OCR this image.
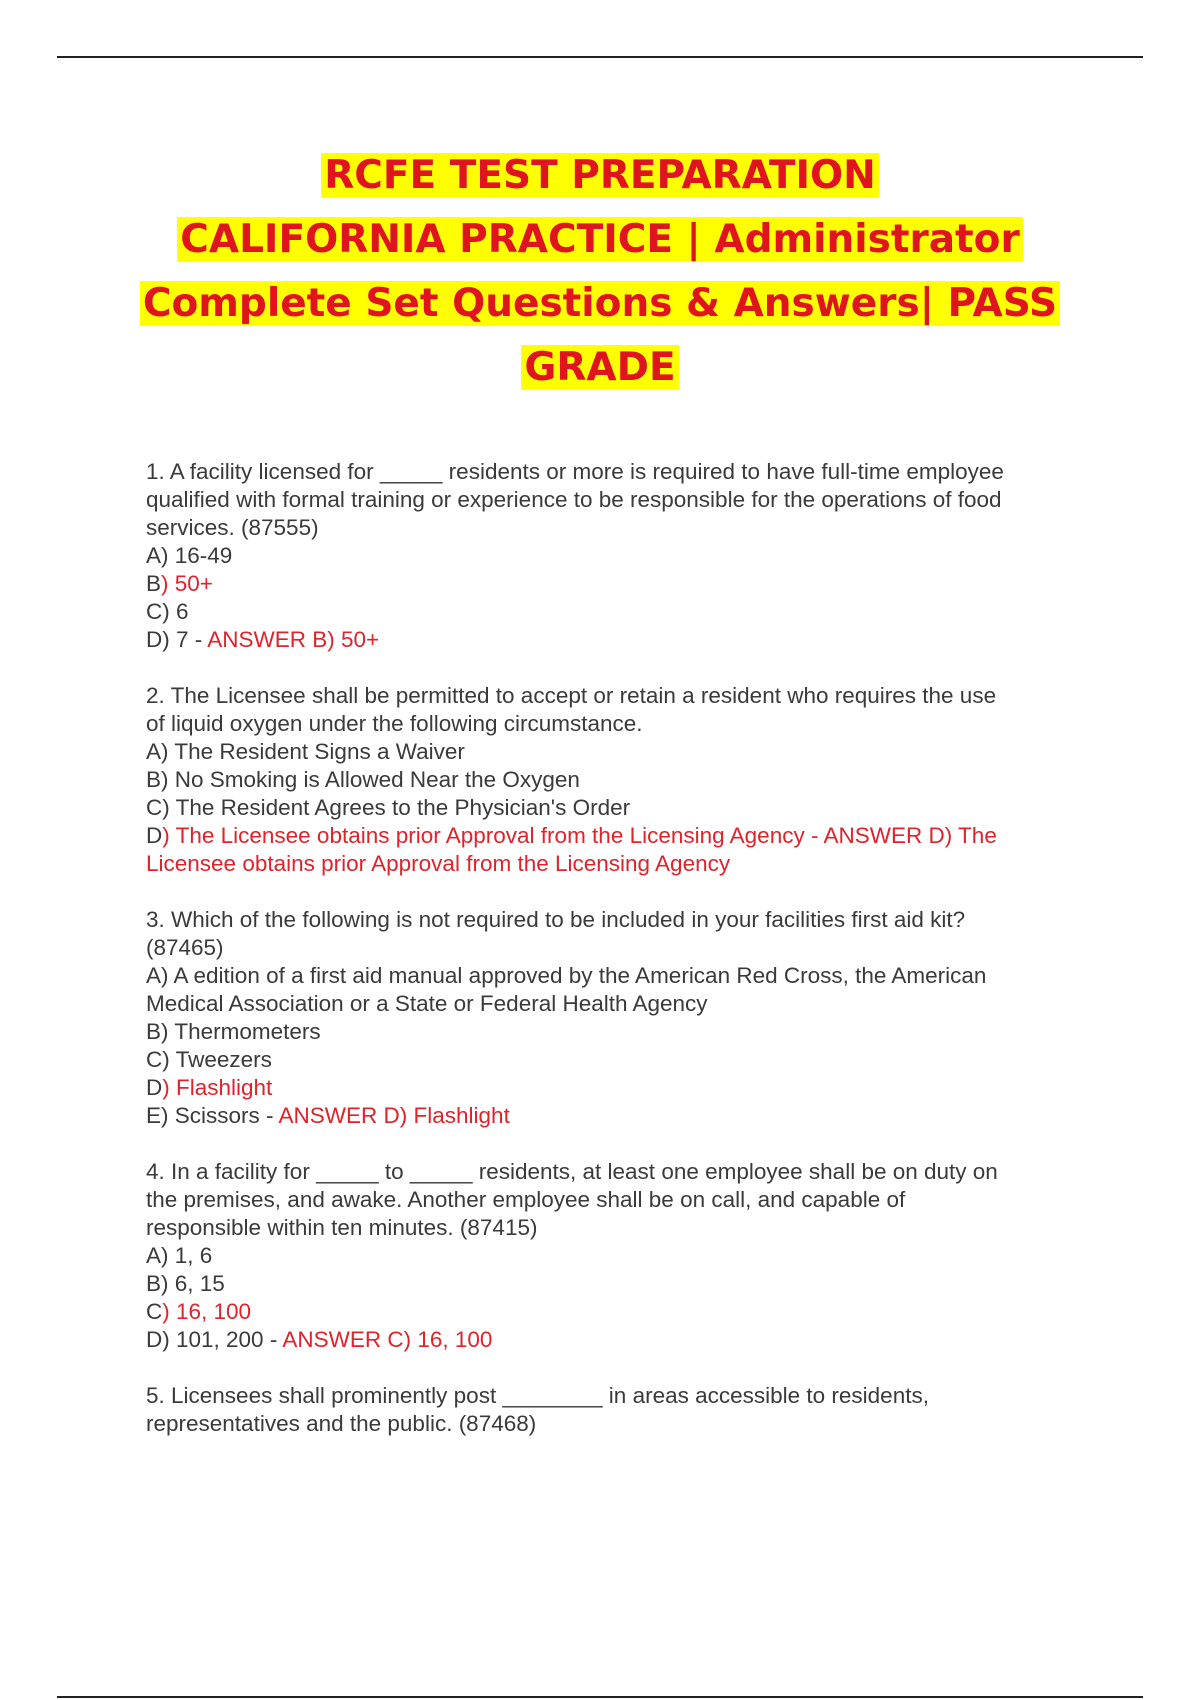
RCFE TEST PREPARATION
CALIFORNIA PRACTICE | Administrator
Complete Set Questions & Answers| PASS
GRADE
1. A facility licensed for _____ residents or more is required to have full-time employee
qualified with formal training or experience to be responsible for the operations of food
services. (87555)
A) 16-49
B) 50+
C) 6
D) 7 - ANSWER B) 50+
2. The Licensee shall be permitted to accept or retain a resident who requires the use
of liquid oxygen under the following circumstance.
A) The Resident Signs a Waiver
B) No Smoking is Allowed Near the Oxygen
C) The Resident Agrees to the Physician's Order
D) The Licensee obtains prior Approval from the Licensing Agency - ANSWER D) The
Licensee obtains prior Approval from the Licensing Agency
3. Which of the following is not required to be included in your facilities first aid kit?
(87465)
A) A edition of a first aid manual approved by the American Red Cross, the American
Medical Association or a State or Federal Health Agency
B) Thermometers
C) Tweezers
D) Flashlight
E) Scissors - ANSWER D) Flashlight
4. In a facility for _____ to _____ residents, at least one employee shall be on duty on
the premises, and awake. Another employee shall be on call, and capable of
responsible within ten minutes. (87415)
A) 1, 6
B) 6, 15
C) 16, 100
D) 101, 200 - ANSWER C) 16, 100
5. Licensees shall prominently post ________ in areas accessible to residents,
representatives and the public. (87468)
